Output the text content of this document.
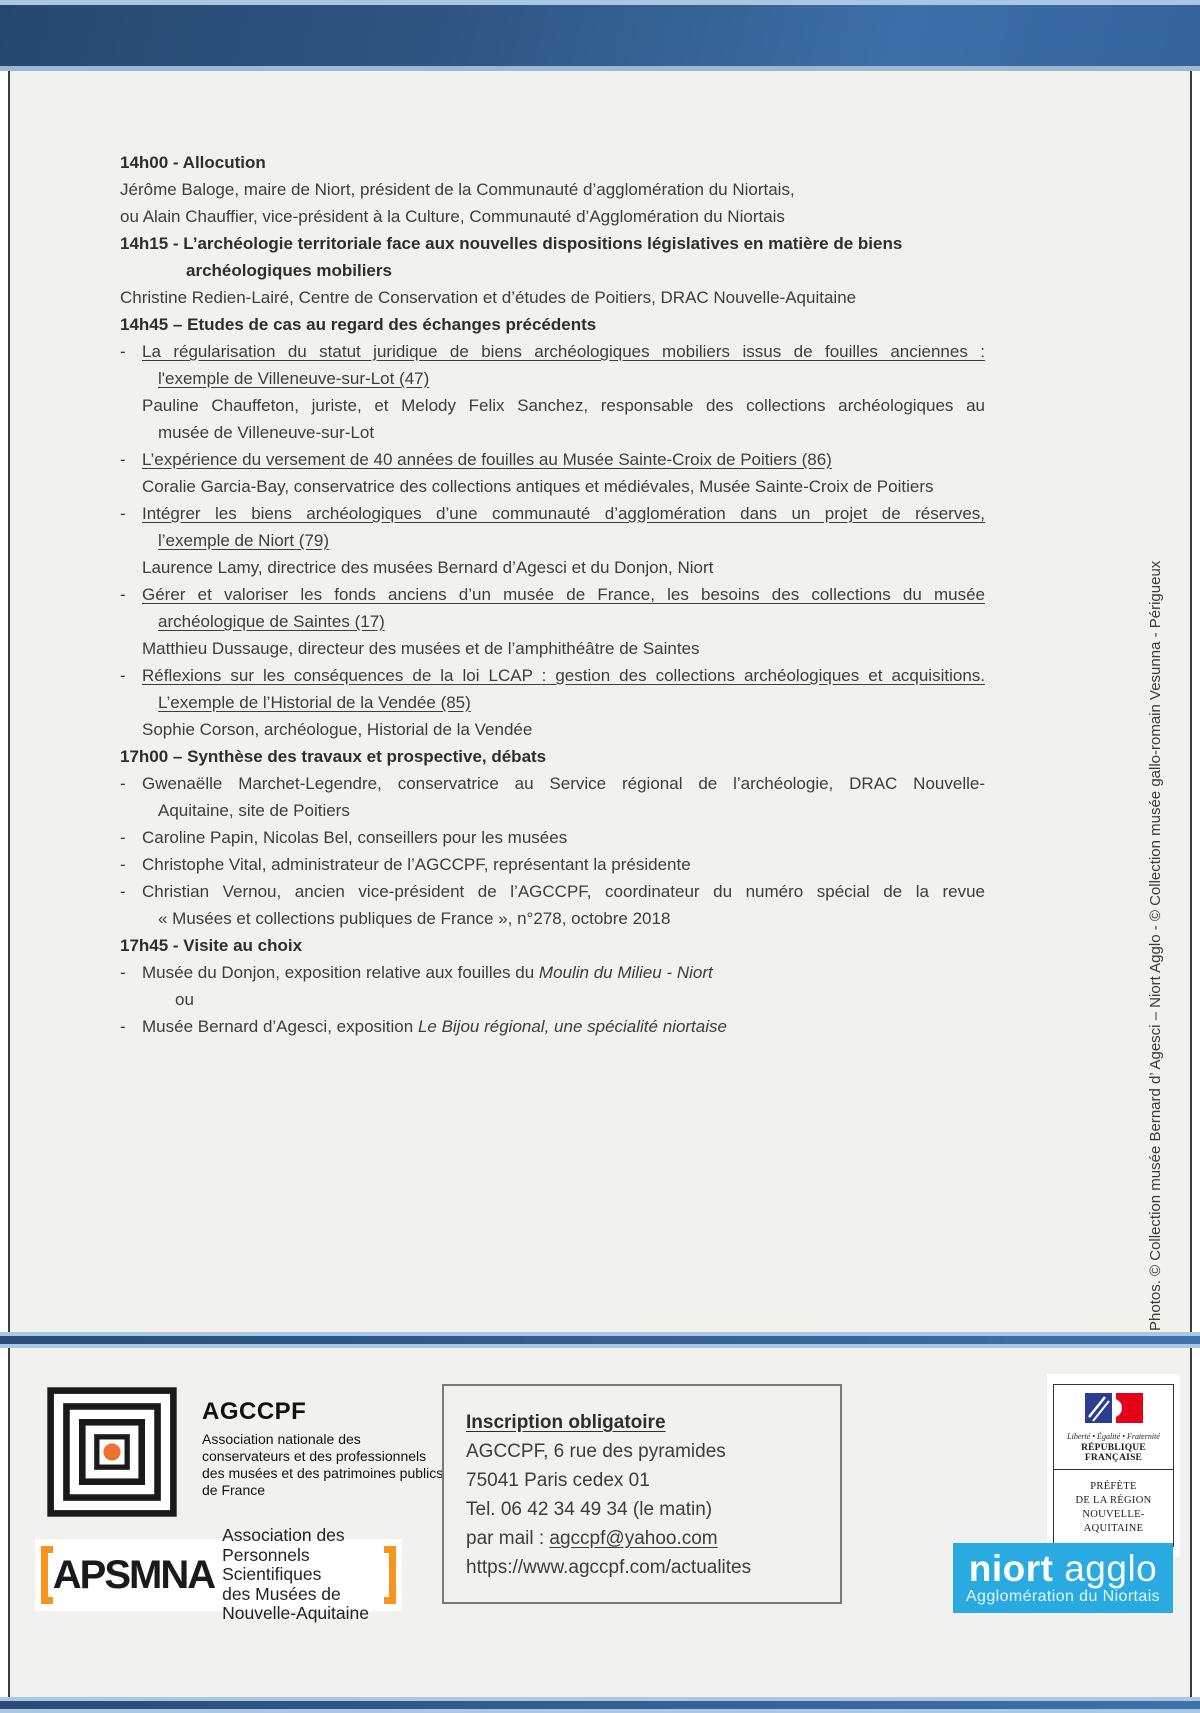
14h00 - Allocution
Jérôme Baloge, maire de Niort, président de la Communauté d’agglomération du Niortais,
ou Alain Chauffier, vice-président à la Culture, Communauté d’Agglomération du Niortais
14h15 - L’archéologie territoriale face aux nouvelles dispositions législatives en matière de biens
archéologiques mobiliers
Christine Redien-Lairé, Centre de Conservation et d’études de Poitiers, DRAC Nouvelle-Aquitaine
14h45 – Etudes de cas au regard des échanges précédents
- La régularisation du statut juridique de biens archéologiques mobiliers issus de fouilles anciennes :
l'exemple de Villeneuve-sur-Lot (47)
Pauline Chauffeton, juriste, et Melody Felix Sanchez, responsable des collections archéologiques au
musée de Villeneuve-sur-Lot
- L’expérience du versement de 40 années de fouilles au Musée Sainte-Croix de Poitiers (86)
Coralie Garcia-Bay, conservatrice des collections antiques et médiévales, Musée Sainte-Croix de Poitiers
- Intégrer les biens archéologiques d’une communauté d’agglomération dans un projet de réserves,
l’exemple de Niort (79)
Laurence Lamy, directrice des musées Bernard d’Agesci et du Donjon, Niort
- Gérer et valoriser les fonds anciens d’un musée de France, les besoins des collections du musée
archéologique de Saintes (17)
Matthieu Dussauge, directeur des musées et de l’amphithéâtre de Saintes
- Réflexions sur les conséquences de la loi LCAP : gestion des collections archéologiques et acquisitions.
L’exemple de l’Historial de la Vendée (85)
Sophie Corson, archéologue, Historial de la Vendée
17h00 – Synthèse des travaux et prospective, débats
- Gwenaëlle Marchet-Legendre, conservatrice au Service régional de l’archéologie, DRAC Nouvelle-
Aquitaine, site de Poitiers
- Caroline Papin, Nicolas Bel, conseillers pour les musées
- Christophe Vital, administrateur de l’AGCCPF, représentant la présidente
- Christian Vernou, ancien vice-président de l’AGCCPF, coordinateur du numéro spécial de la revue
« Musées et collections publiques de France », n°278, octobre 2018
17h45 - Visite au choix
- Musée du Donjon, exposition relative aux fouilles du Moulin du Milieu - Niort
ou
- Musée Bernard d’Agesci, exposition Le Bijou régional, une spécialité niortaise
AGCCPF
Association nationale des conservateurs et des professionnels des musées et des patrimoines publics de France
APSMNA
Association des Personnels Scientifiques
des Musées de Nouvelle-Aquitaine
Inscription obligatoire
AGCCPF, 6 rue des pyramides
75041 Paris cedex 01
Tel. 06 42 34 49 34 (le matin)
par mail : agccpf@yahoo.com
https://www.agccpf.com/actualites
Liberté • Égalité • Fraternité
RÉPUBLIQUE FRANÇAISE
PRÉFÈTE
DE LA RÉGION
NOUVELLE-AQUITAINE
niort agglo
Agglomération du Niortais
Photos. © Collection musée Bernard d’ Agesci – Niort Agglo - © Collection musée gallo-romain Vesunna - Périgueux
